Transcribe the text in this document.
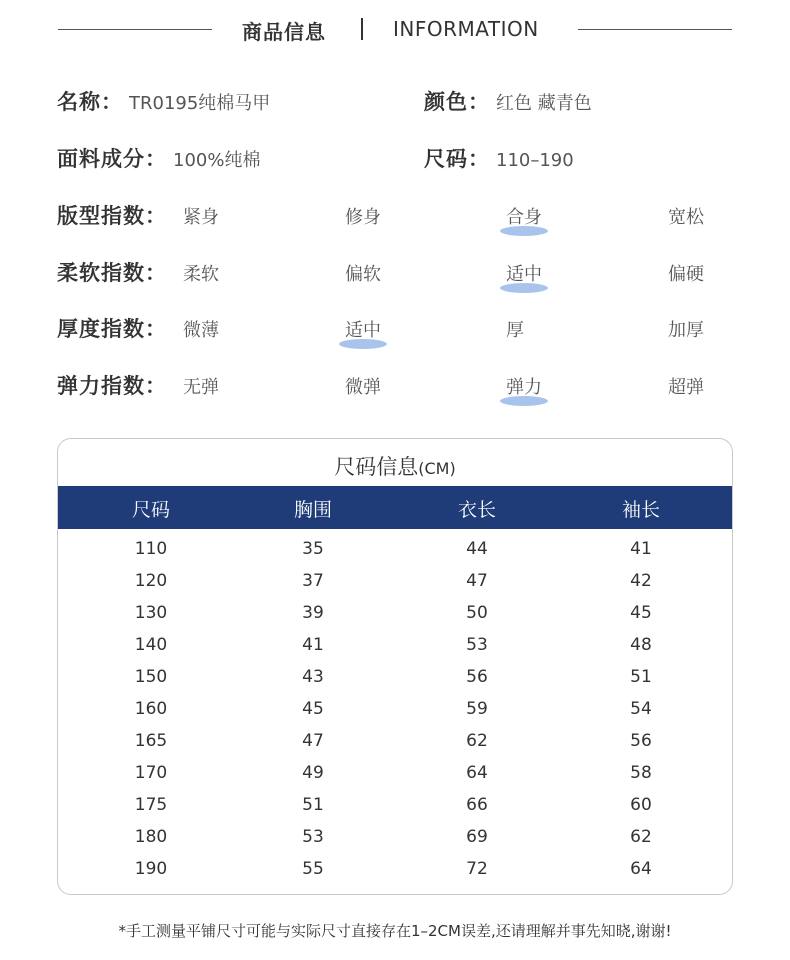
商品信息	INFORMATION
名称： TR0195纯棉马甲	颜色： 红色 藏青色
面料成分： 100%纯棉	尺码： 110–190
版型指数： 紧身	修身	合身	宽松
柔软指数： 柔软	偏软	适中	偏硬
厚度指数： 微薄	适中	厚	加厚
弹力指数： 无弹	微弹	弹力	超弹
尺码信息(CM)
尺码	胸围	衣长	袖长
110	35	44	41
120	37	47	42
130	39	50	45
140	41	53	48
150	43	56	51
160	45	59	54
165	47	62	56
170	49	64	58
175	51	66	60
180	53	69	62
190	55	72	64
*手工测量平铺尺寸可能与实际尺寸直接存在1–2CM误差,还请理解并事先知晓,谢谢!
